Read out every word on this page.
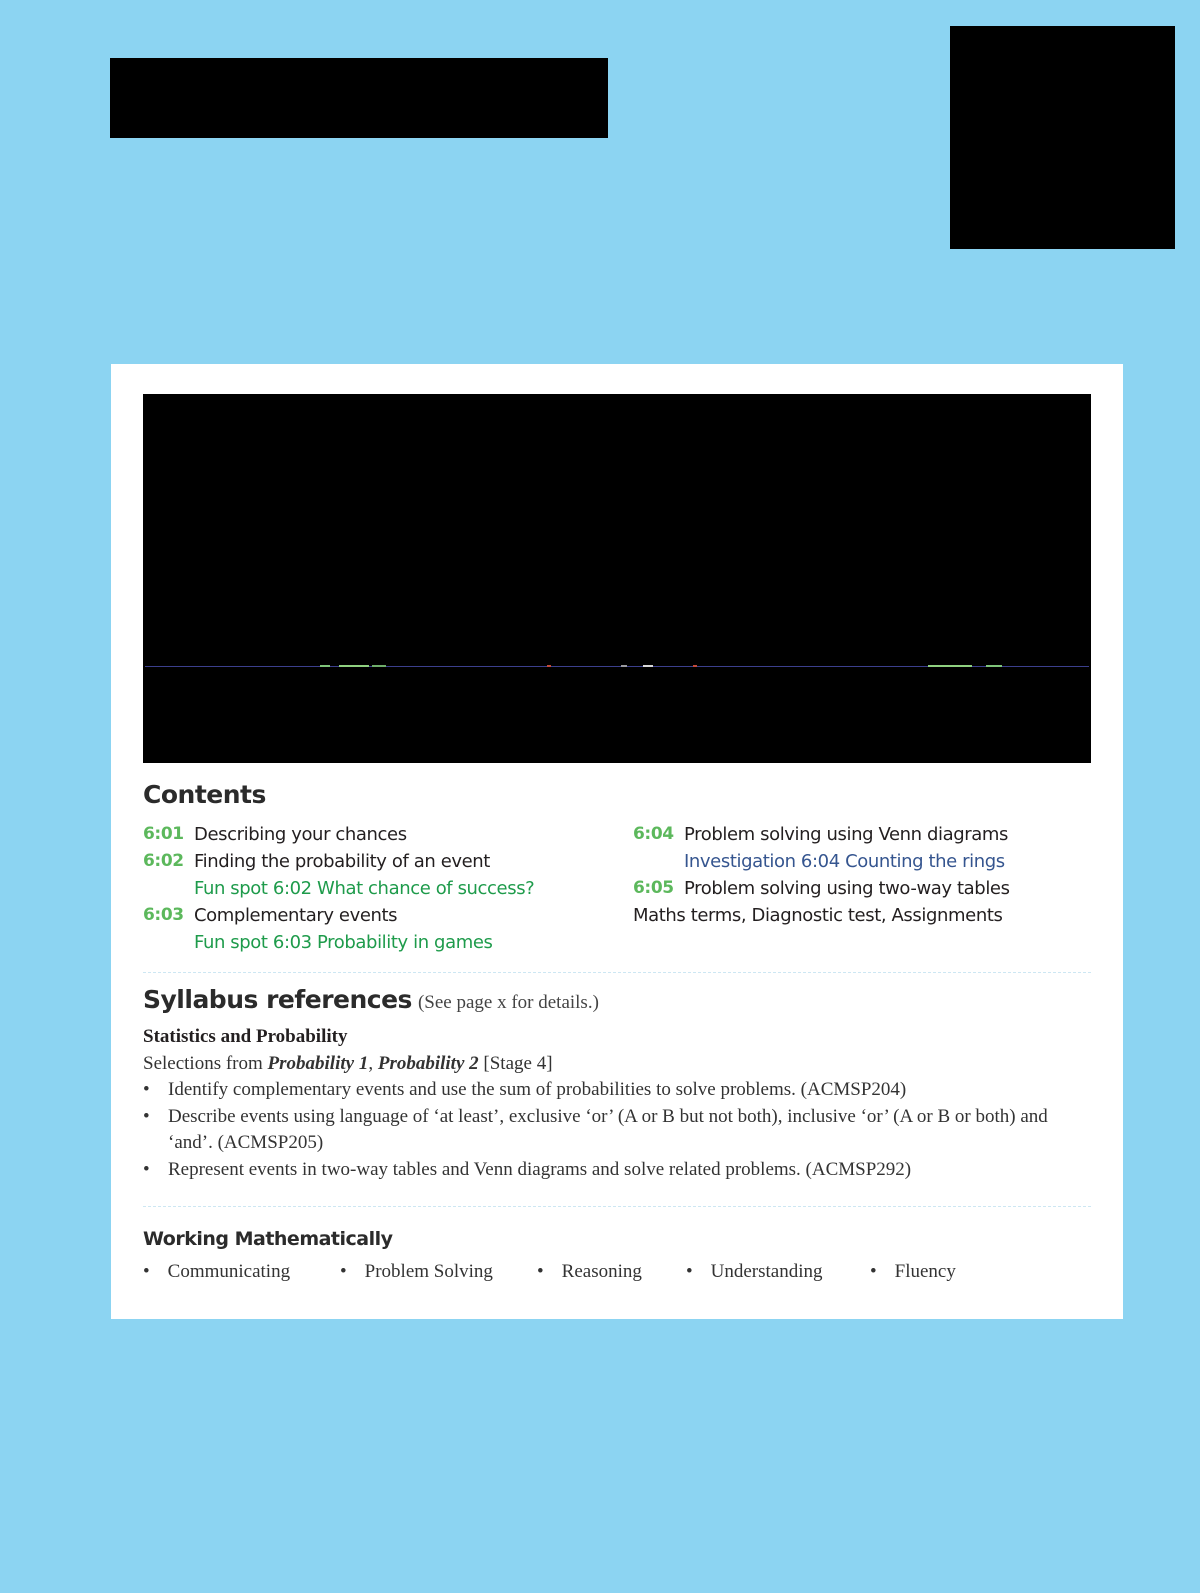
Contents
6:01 Describing your chances
6:02 Finding the probability of an event
Fun spot 6:02 What chance of success?
6:03 Complementary events
Fun spot 6:03 Probability in games
6:04 Problem solving using Venn diagrams
Investigation 6:04 Counting the rings
6:05 Problem solving using two-way tables
Maths terms, Diagnostic test, Assignments
Syllabus references (See page x for details.)
Statistics and Probability
Selections from Probability 1, Probability 2 [Stage 4]
• Identify complementary events and use the sum of probabilities to solve problems. (ACMSP204)
• Describe events using language of ‘at least’, exclusive ‘or’ (A or B but not both), inclusive ‘or’ (A or B or both) and ‘and’. (ACMSP205)
• Represent events in two-way tables and Venn diagrams and solve related problems. (ACMSP292)
Working Mathematically
• Communicating	• Problem Solving • Reasoning • Understanding • Fluency
